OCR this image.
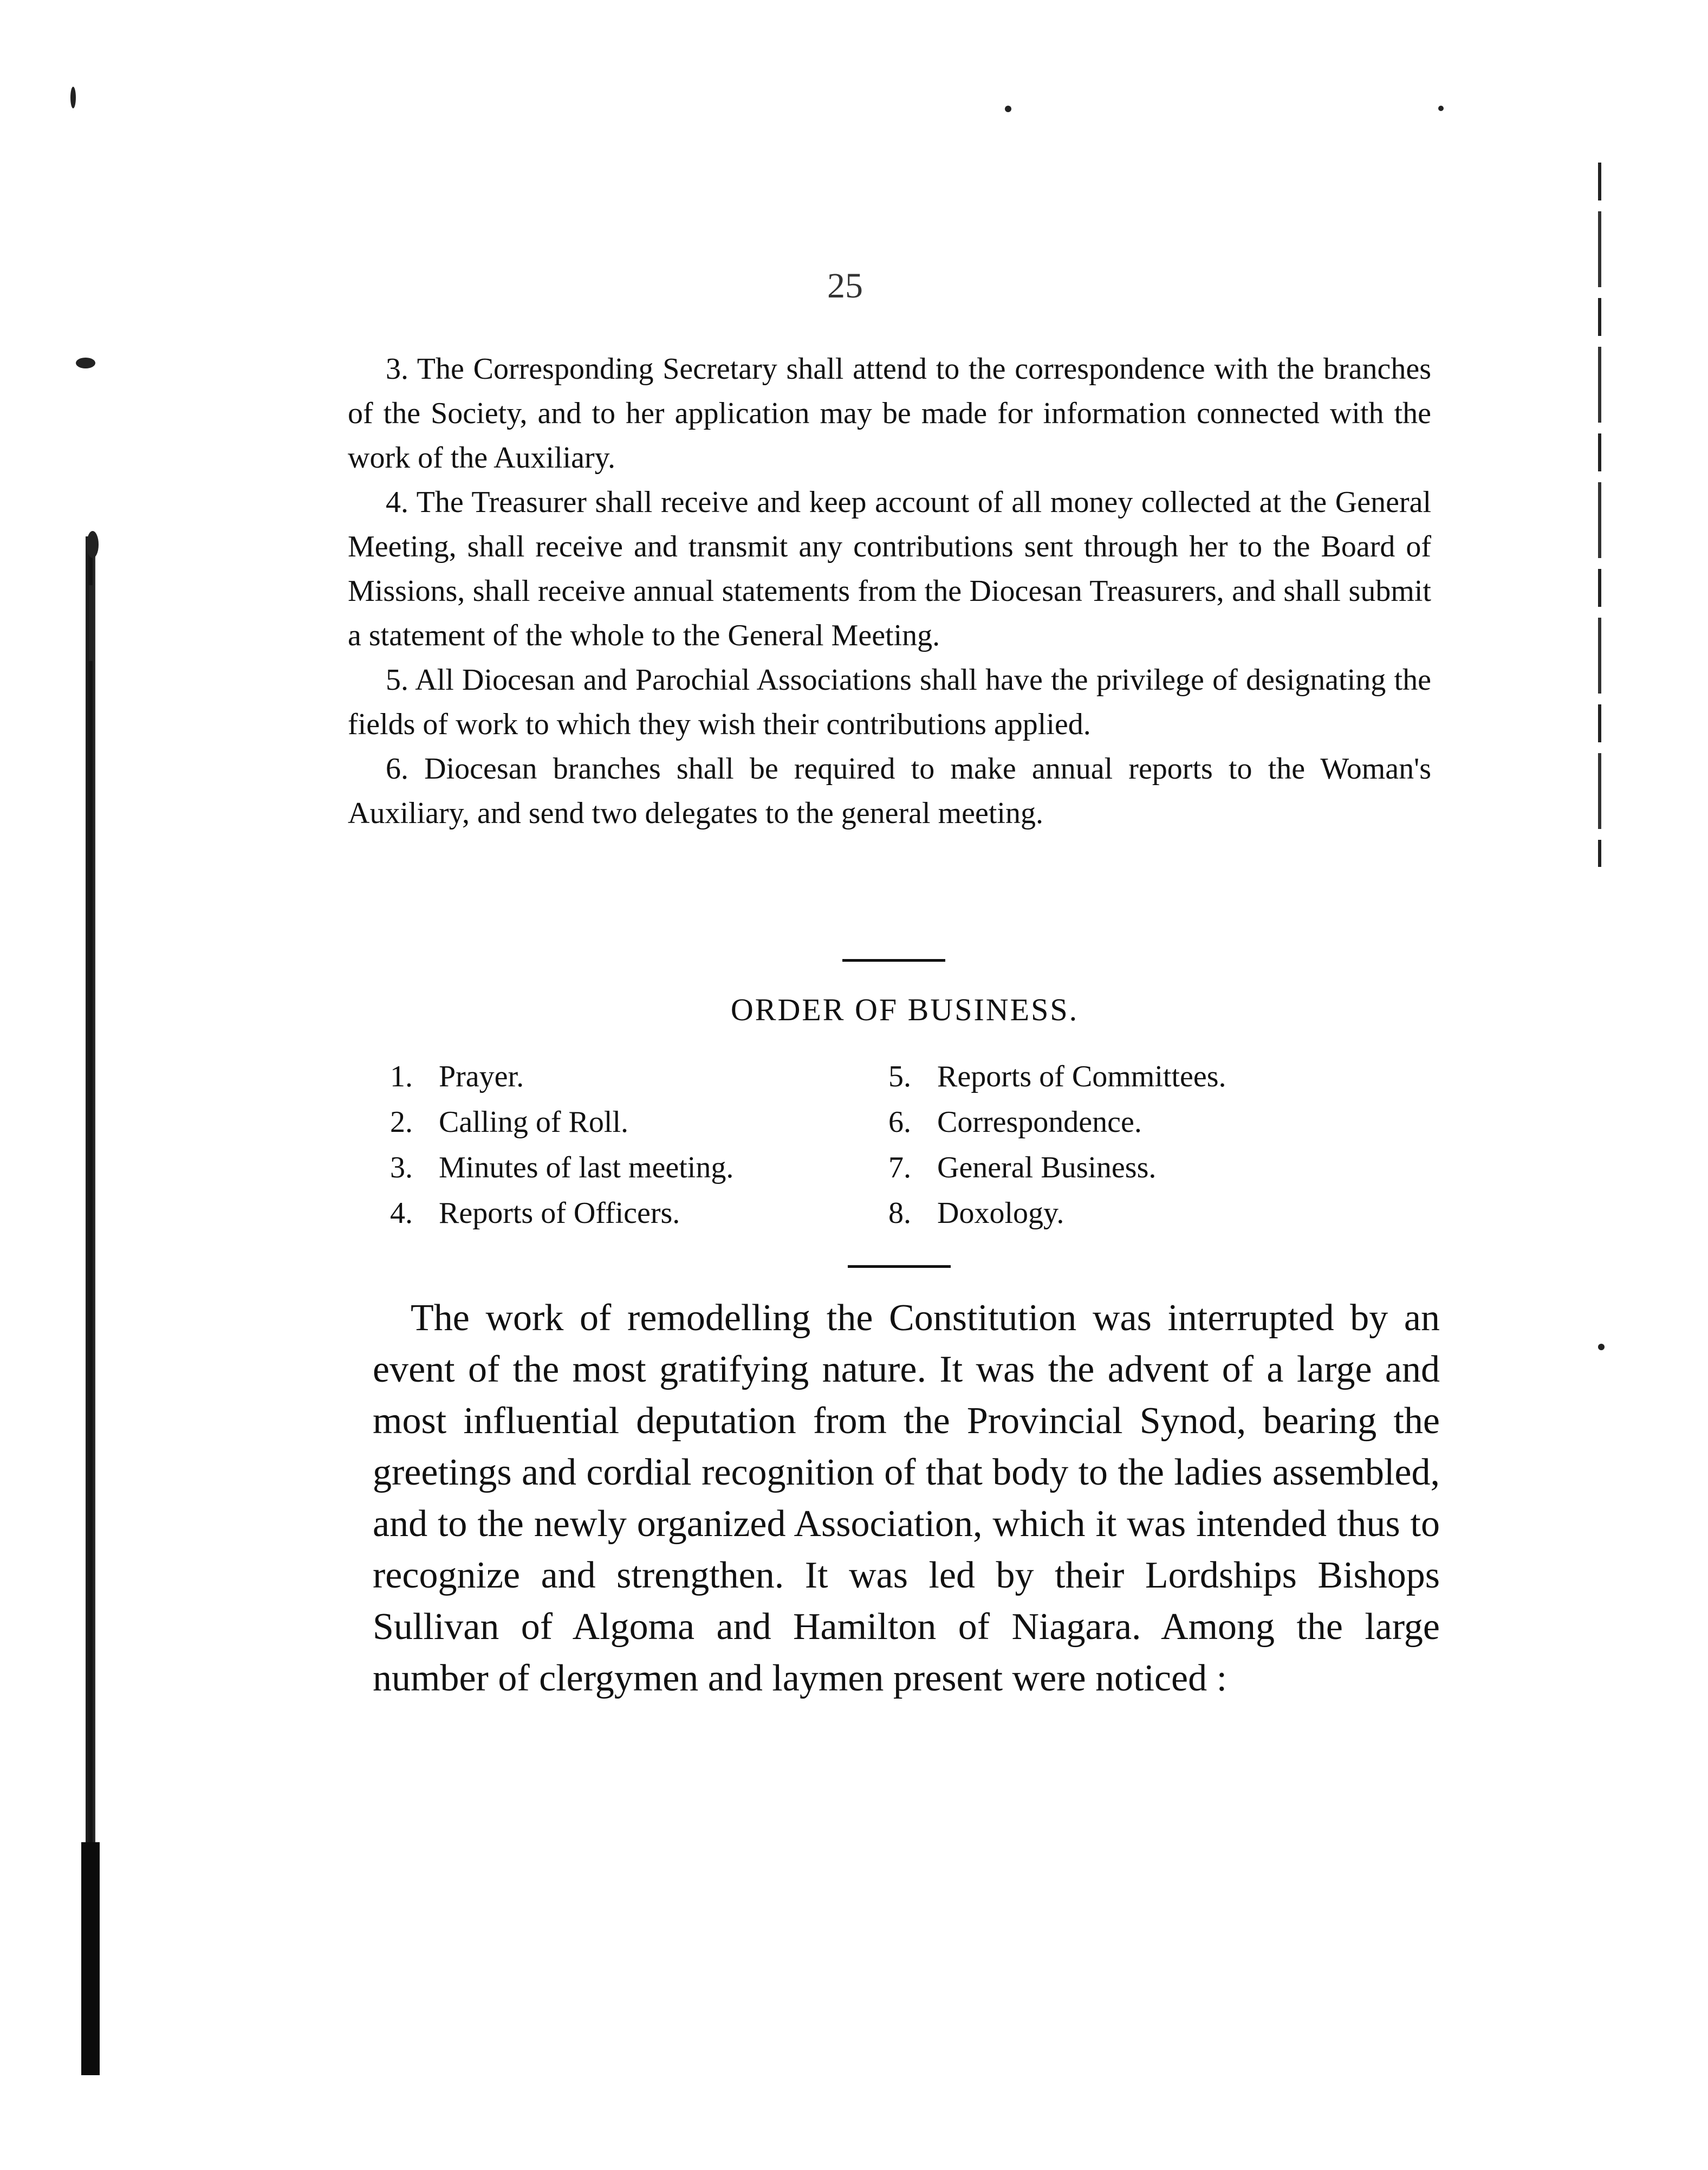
25

3. The Corresponding Secretary shall attend to the correspondence with the branches of the Society, and to her application may be made for information connected with the work of the Auxiliary.

4. The Treasurer shall receive and keep account of all money collected at the General Meeting, shall receive and transmit any contributions sent through her to the Board of Missions, shall receive annual statements from the Diocesan Treasurers, and shall submit a statement of the whole to the General Meeting.

5. All Diocesan and Parochial Associations shall have the privilege of designating the fields of work to which they wish their contributions applied.

6. Diocesan branches shall be required to make annual reports to the Woman's Auxiliary, and send two delegates to the general meeting.

ORDER OF BUSINESS.
1. Prayer.
2. Calling of Roll.
3. Minutes of last meeting.
4. Reports of Officers.
5. Reports of Committees.
6. Correspondence.
7. General Business.
8. Doxology.

The work of remodelling the Constitution was interrupted by an event of the most gratifying nature. It was the advent of a large and most influential deputation from the Provincial Synod, bearing the greetings and cordial recognition of that body to the ladies assembled, and to the newly organized Association, which it was intended thus to recognize and strengthen. It was led by their Lordships Bishops Sullivan of Algoma and Hamilton of Niagara. Among the large number of clergymen and laymen present were noticed :
